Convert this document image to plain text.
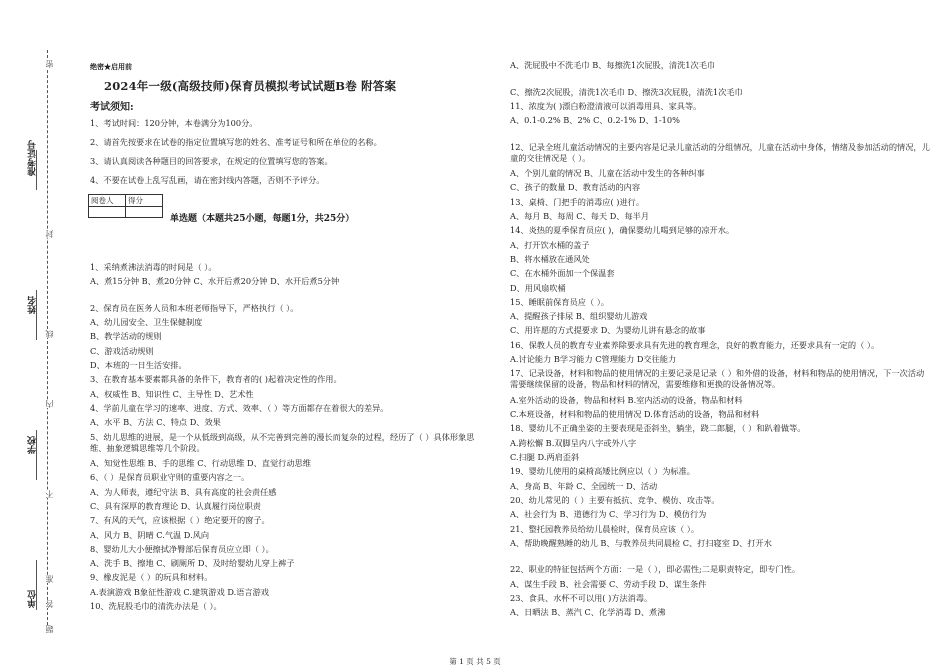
准考证号
姓名
学校
单位
密
封
线
内
不
准
答
题
绝密★启用前
2024年一级(高级技师)保育员模拟考试试题B卷 附答案
考试须知:
1、考试时间：120分钟，本卷满分为100分。
2、请首先按要求在试卷的指定位置填写您的姓名、准考证号和所在单位的名称。
3、请认真阅读各种题目的回答要求，在规定的位置填写您的答案。
4、不要在试卷上乱写乱画，请在密封线内答题，否则不予评分。
阅卷人	得分

单选题（本题共25小题，每题1分，共25分）
1、采纳煮沸法消毒的时间是（ ）。
A、煮15分钟 B、煮20分钟 C、水开后煮20分钟 D、水开后煮5分钟
2、保育员在医务人员和本班老师指导下，严格执行（ ）。
A、幼儿园安全、卫生保健制度
B、教学活动的规则
C、游戏活动规则
D、本班的一日生活安排。
3、在教育基本要素都具备的条件下，教育者的( )起着决定性的作用。
A、权威性 B、知识性 C、主导性 D、艺术性
4、学前儿童在学习的速率、进度、方式、效率、（ ）等方面都存在着很大的差异。
A、水平 B、方法 C、特点 D、效果
5、幼儿思维的进展，是一个从低级到高级，从不完善到完善的漫长而复杂的过程，经历了（ ）具体形象思维、抽象逻辑思维等几个阶段。
A、知觉性思维 B、手的思维 C、行动思维 D、直觉行动思维
6、（ ）是保育员职业守则的重要内容之一。
A、为人师表，遵纪守法 B、具有高度的社会责任感
C、具有深厚的教育理论 D、认真履行岗位职责
7、有风的天气，应该根据（ ）绝定要开的窗子。
A、风力 B、阴晴 C.气温 D.风向
8、婴幼儿大小便擦拭净臀部后保育员应立即（ ）。
A、洗手 B、擦地 C、刷厕所 D、及时给婴幼儿穿上裤子
9、橡皮泥是（ ）的玩具和材料。
A.表演游戏 B象征性游戏 C.建筑游戏 D.语言游戏
10、洗屁股毛巾的清洗办法是（ ）。
A、洗屁股中不洗毛巾 B、每擦洗1次屁股，清洗1次毛巾
C、擦洗2次屁股，清洗1次毛巾 D、擦洗3次屁股，清洗1次毛巾
11、浓度为( )漂白粉澄清液可以消毒用具、家具等。
A、0.1-0.2% B、2% C、0.2-1% D、1-10%
12、记录全班儿童活动情况的主要内容是记录儿童活动的分组情况，儿童在活动中身体，情绪及参加活动的情况，儿童的交往情况是（ ）。
A、个别儿童的情况 B、儿童在活动中发生的各种纠事
C、孩子的数量 D、教育活动的内容
13、桌椅、门把手的消毒应( )进行。
A、每月 B、每周 C、每天 D、每半月
14、炎热的夏季保育员应( )，确保婴幼儿喝到足够的凉开水。
A、打开饮水桶的盖子
B、将水桶放在通风处
C、在水桶外面加一个保温套
D、用风扇吹桶
15、睡眠前保育员应（ ）。
A、提醒孩子排尿 B、组织婴幼儿游戏
C、用许愿的方式提要求 D、为婴幼儿讲有悬念的故事
16、保教人员的教育专业素养除要求具有先进的教育理念，良好的教育能力，还要求具有一定的（ ）。
A.讨论能力 B学习能力 C管理能力 D交往能力
17、记录设备，材料和物品的使用情况的主要记录是记录（ ）和外借的设备，材料和物品的使用情况，下一次活动需要继续保留的设备，物品和材料的情况，需要维修和更换的设备情况等。
A.室外活动的设备，物品和材料 B.室内活动的设备，物品和材料
C.本班设备，材料和物品的使用情况 D.体育活动的设备，物品和材料
18、婴幼儿不正确坐姿的主要表现是歪斜坐，躺坐，跷二郎腿，（ ）和趴着做等。
A.跨松懈 B.双脚呈内八字或外八字
C.扫腿 D.两肩歪斜
19、婴幼儿使用的桌椅高矮比例应以（ ）为标准。
A、身高 B、年龄 C、全园统一 D、活动
20、幼儿常见的（ ）主要有抵抗、竞争、模仿、攻击等。
A、社会行为 B、道德行为 C、学习行为 D、模仿行为
21、整托园教养员给幼儿晨检时，保育员应该（ ）。
A、帮助晚醒熟睡的幼儿 B、与教养员共同晨检 C、打扫寝室 D、打开水
22、职业的特征包括两个方面：一是（ ），即必需性;二是职责特定，即专门性。
A、谋生手段 B、社会需要 C、劳动手段 D、谋生条件
23、食具、水杯不可以用( )方法消毒。
A、日晒法 B、蒸汽 C、化学消毒 D、煮沸
第 1 页 共 5 页
